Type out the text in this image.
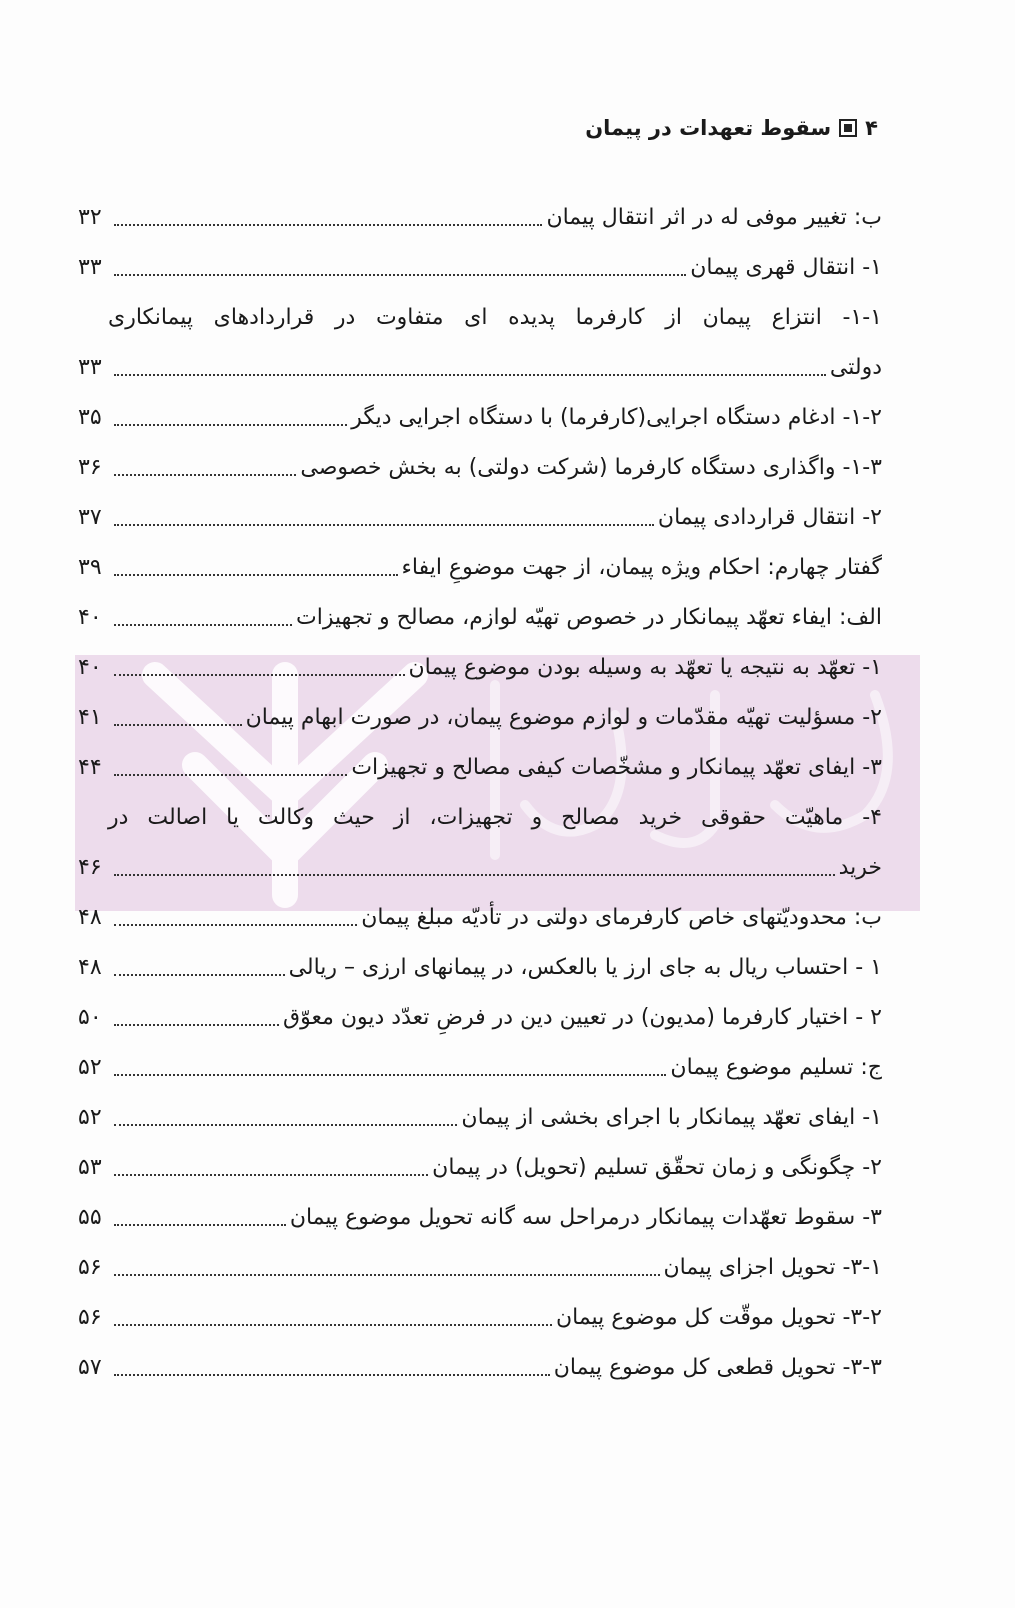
۴
سقوط تعهدات در پیمان
ب: تغییر موفی له در اثر انتقال پیمان
۳۲
۱- انتقال قهری پیمان
۳۳
۱-۱- انتزاع پیمان از کارفرما پدیده ای متفاوت در قراردادهای پیمانکاری
دولتی
۳۳
۱-۲- ادغام دستگاه اجرایی(کارفرما) با دستگاه اجرایی دیگر
۳۵
۱-۳- واگذاری دستگاه کارفرما (شرکت دولتی) به بخش خصوصی
۳۶
۲- انتقال قراردادی پیمان
۳۷
گفتار چهارم: احکام ویژه پیمان، از جهت موضوعِ ایفاء
۳۹
الف: ایفاء تعهّد پیمانکار در خصوص تهیّه لوازم، مصالح و تجهیزات
۴۰
۱- تعهّد به نتیجه یا تعهّد به وسیله بودن موضوع پیمان
۴۰
۲- مسؤلیت تهیّه مقدّمات و لوازم موضوع پیمان، در صورت ابهام پیمان
۴۱
۳- ایفای تعهّد پیمانکار و مشخّصات کیفی مصالح و تجهیزات
۴۴
۴- ماهیّت حقوقی خرید مصالح و تجهیزات، از حیث وکالت یا اصالت در
خرید
۴۶
ب: محدودیّتهای خاص کارفرمای دولتی در تأدیّه مبلغ پیمان
۴۸
۱ - احتساب ریال به جای ارز یا بالعکس، در پیمانهای ارزی – ریالی
۴۸
۲ - اختیار کارفرما (مدیون) در تعیین دین در فرضِ تعدّد دیون معوّق
۵۰
ج: تسلیم موضوع پیمان
۵۲
۱- ایفای تعهّد پیمانکار با اجرای بخشی از پیمان
۵۲
۲- چگونگی و زمان تحقّق تسلیم (تحویل) در پیمان
۵۳
۳- سقوط تعهّدات پیمانکار درمراحل سه گانه تحویل موضوع پیمان
۵۵
۳-۱- تحویل اجزای پیمان
۵۶
۳-۲- تحویل موقّت کل موضوع پیمان
۵۶
۳-۳- تحویل قطعی کل موضوع پیمان
۵۷
